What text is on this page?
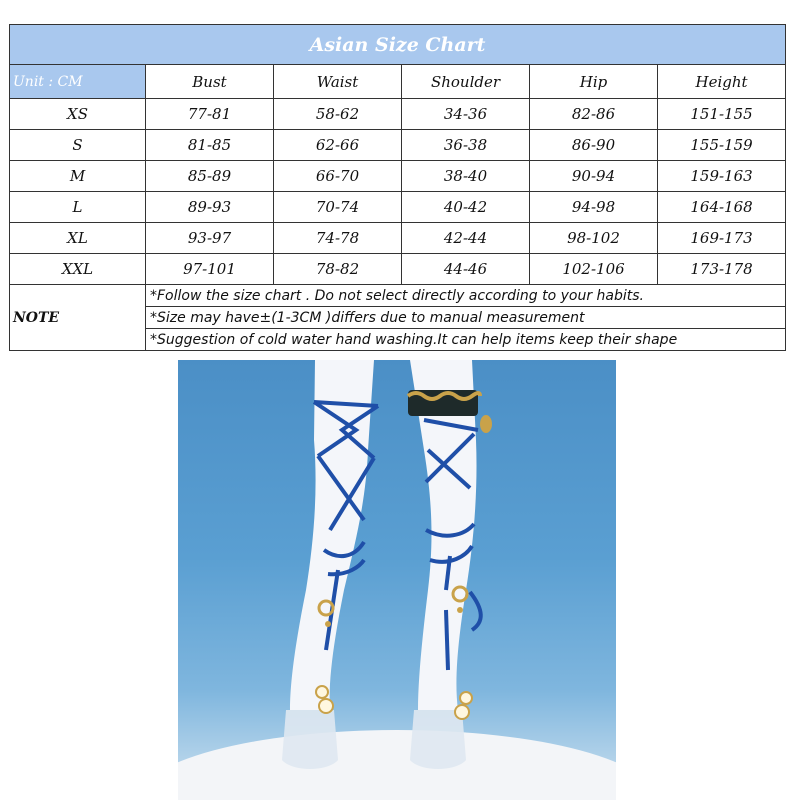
Asian Size Chart					
Unit : CM	Bust	Waist	Shoulder	Hip	Height
XS	77-81	58-62	34-36	82-86	151-155
S	81-85	62-66	36-38	86-90	155-159
M	85-89	66-70	38-40	90-94	159-163
L	89-93	70-74	40-42	94-98	164-168
XL	93-97	74-78	42-44	98-102	169-173
XXL	97-101	78-82	44-46	102-106	173-178
NOTE	*Follow the size chart . Do not select directly according to your habits.				
	*Size may have±(1-3CM )differs due to manual measurement				
	*Suggestion of cold water hand washing.It can help items keep their shape				
